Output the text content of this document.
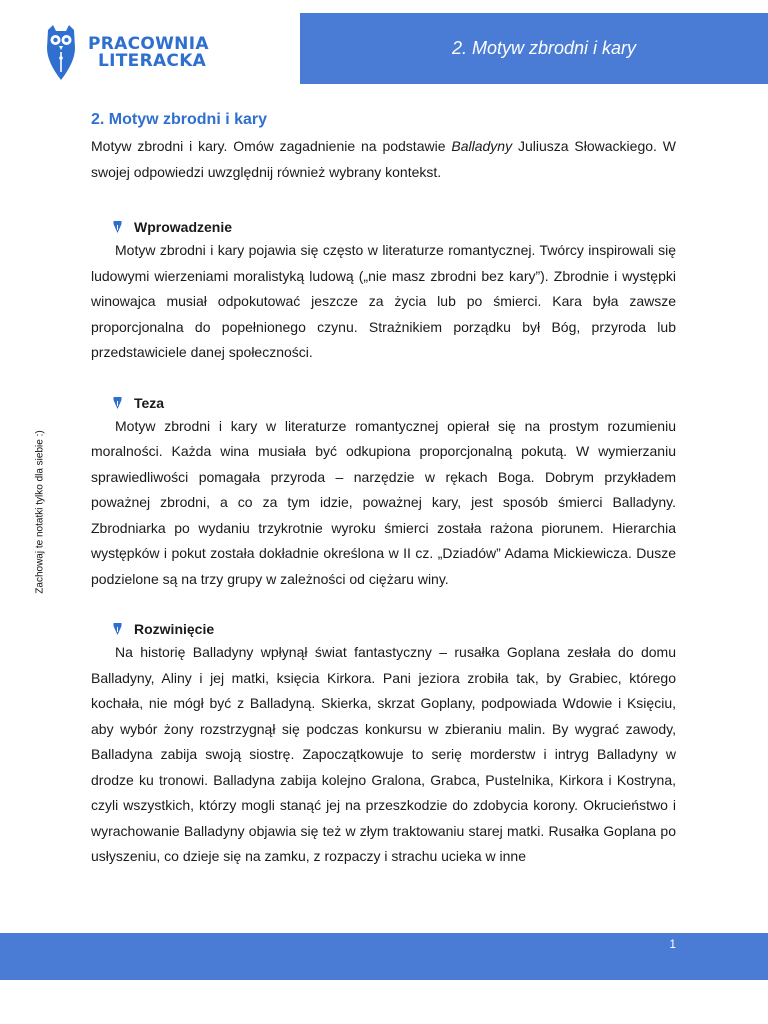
PRACOWNIA
LITERACKA
2. Motyw zbrodni i kary
Zachowaj te notatki tylko dla siebie :)
2. Motyw zbrodni i kary

Motyw zbrodni i kary. Omów zagadnienie na podstawie Balladyny Juliusza Słowackiego. W swojej odpowiedzi uwzględnij również wybrany kontekst.

Wprowadzenie

Motyw zbrodni i kary pojawia się często w literaturze romantycznej. Twórcy inspirowali się ludowymi wierzeniami moralistyką ludową („nie masz zbrodni bez kary”). Zbrodnie i występki winowajca musiał odpokutować jeszcze za życia lub po śmierci. Kara była zawsze proporcjonalna do popełnionego czynu. Strażnikiem porządku był Bóg, przyroda lub przedstawiciele danej społeczności.

Teza

Motyw zbrodni i kary w literaturze romantycznej opierał się na prostym rozumieniu moralności. Każda wina musiała być odkupiona proporcjonalną pokutą. W wymierzaniu sprawiedliwości pomagała przyroda – narzędzie w rękach Boga. Dobrym przykładem poważnej zbrodni, a co za tym idzie, poważnej kary, jest sposób śmierci Balladyny. Zbrodniarka po wydaniu trzykrotnie wyroku śmierci została rażona piorunem. Hierarchia występków i pokut została dokładnie określona w II cz. „Dziadów” Adama Mickiewicza. Dusze podzielone są na trzy grupy w zależności od ciężaru winy.

Rozwinięcie

Na historię Balladyny wpłynął świat fantastyczny – rusałka Goplana zesłała do domu Balladyny, Aliny i jej matki, księcia Kirkora. Pani jeziora zrobiła tak, by Grabiec, którego kochała, nie mógł być z Balladyną. Skierka, skrzat Goplany, podpowiada Wdowie i Księciu, aby wybór żony rozstrzygnął się podczas konkursu w zbieraniu malin. By wygrać zawody, Balladyna zabija swoją siostrę. Zapoczątkowuje to serię morderstw i intryg Balladyny w drodze ku tronowi. Balladyna zabija kolejno Gralona, Grabca, Pustelnika, Kirkora i Kostryna, czyli wszystkich, którzy mogli stanąć jej na przeszkodzie do zdobycia korony. Okrucieństwo i wyrachowanie Balladyny objawia się też w złym traktowaniu starej matki. Rusałka Goplana po usłyszeniu, co dzieje się na zamku, z rozpaczy i strachu ucieka w inne

1
